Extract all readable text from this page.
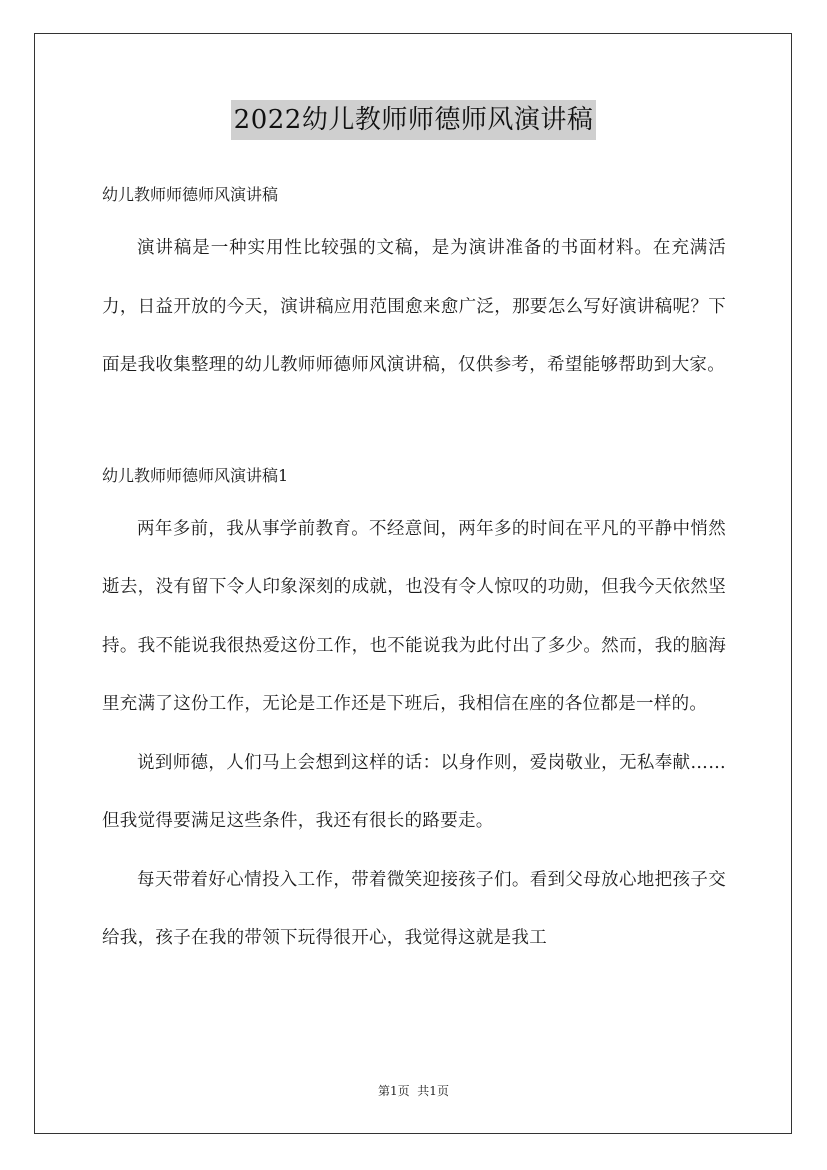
2022幼儿教师师德师风演讲稿

幼儿教师师德师风演讲稿

演讲稿是一种实用性比较强的文稿，是为演讲准备的书面材料。在充满活力，日益开放的今天，演讲稿应用范围愈来愈广泛，那要怎么写好演讲稿呢？下面是我收集整理的幼儿教师师德师风演讲稿，仅供参考，希望能够帮助到大家。

幼儿教师师德师风演讲稿1

两年多前，我从事学前教育。不经意间，两年多的时间在平凡的平静中悄然逝去，没有留下令人印象深刻的成就，也没有令人惊叹的功勋，但我今天依然坚持。我不能说我很热爱这份工作，也不能说我为此付出了多少。然而，我的脑海里充满了这份工作，无论是工作还是下班后，我相信在座的各位都是一样的。

说到师德，人们马上会想到这样的话：以身作则，爱岗敬业，无私奉献……但我觉得要满足这些条件，我还有很长的路要走。

每天带着好心情投入工作，带着微笑迎接孩子们。看到父母放心地把孩子交给我，孩子在我的带领下玩得很开心，我觉得这就是我工

第1页  共1页
